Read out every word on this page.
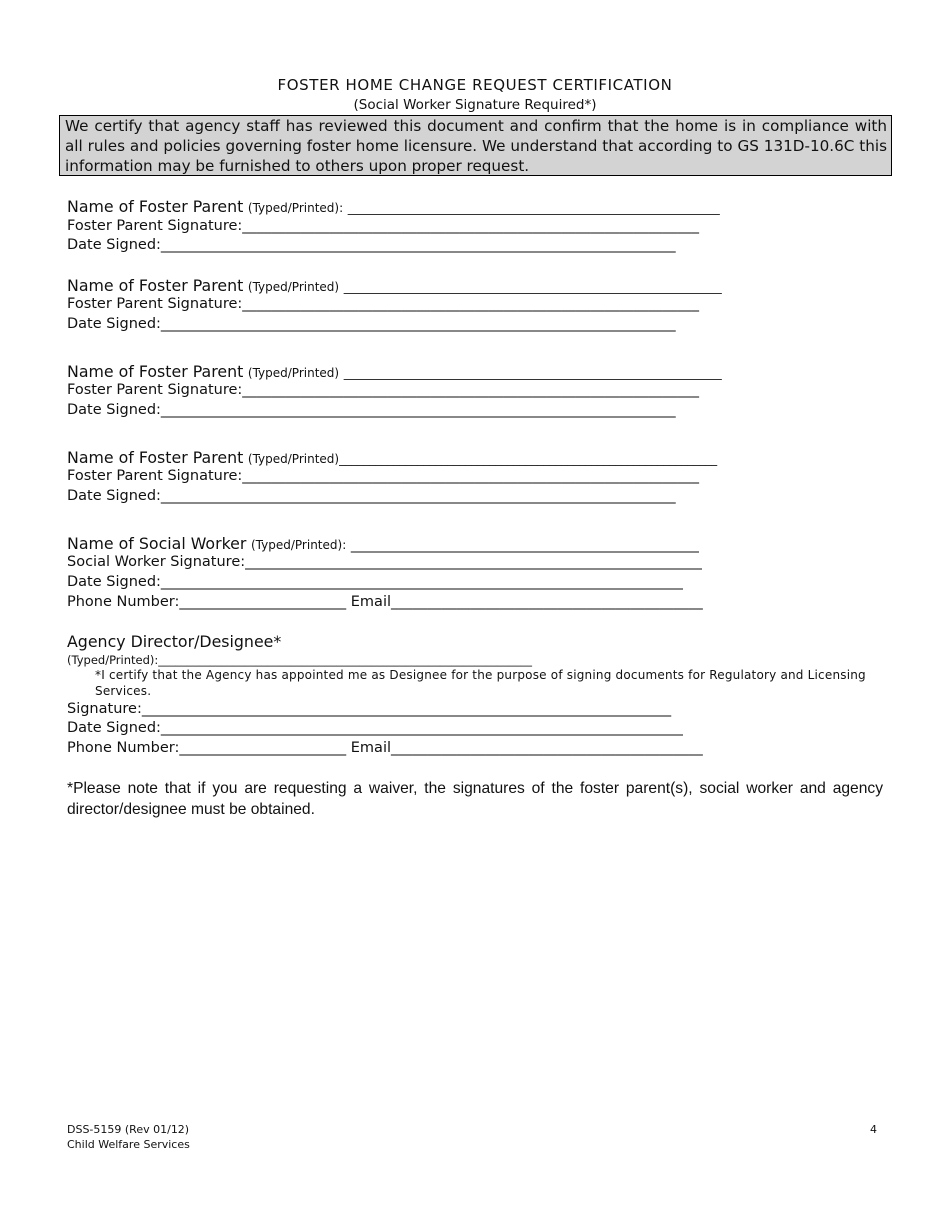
FOSTER HOME CHANGE REQUEST CERTIFICATION
(Social Worker Signature Required*)
We certify that agency staff has reviewed this document and confirm that the home is in compliance with all rules and policies governing foster home licensure. We understand that according to GS 131D-10.6C this information may be furnished to others upon proper request.
Name of Foster Parent (Typed/Printed): ______________________________________________________________
Foster Parent Signature:_______________________________________________________________
Date Signed:_______________________________________________________________________
Name of Foster Parent (Typed/Printed) _______________________________________________________________
Foster Parent Signature:_______________________________________________________________
Date Signed:_______________________________________________________________________
Name of Foster Parent (Typed/Printed) _______________________________________________________________
Foster Parent Signature:_______________________________________________________________
Date Signed:_______________________________________________________________________
Name of Foster Parent (Typed/Printed)_______________________________________________________________
Foster Parent Signature:_______________________________________________________________
Date Signed:_______________________________________________________________________
Name of Social Worker (Typed/Printed): ________________________________________________
Social Worker Signature:_______________________________________________________________
Date Signed:________________________________________________________________________
Phone Number:_______________________ Email___________________________________________
Agency Director/Designee*
(Typed/Printed):_________________________________________________________________
*I certify that the Agency has appointed me as Designee for the purpose of signing documents for Regulatory and Licensing Services.
Signature:_________________________________________________________________________
Date Signed:________________________________________________________________________
Phone Number:_______________________ Email___________________________________________
*Please note that if you are requesting a waiver, the signatures of the foster parent(s), social worker and agency director/designee must be obtained.
DSS-5159 (Rev 01/12)
Child Welfare Services
4
